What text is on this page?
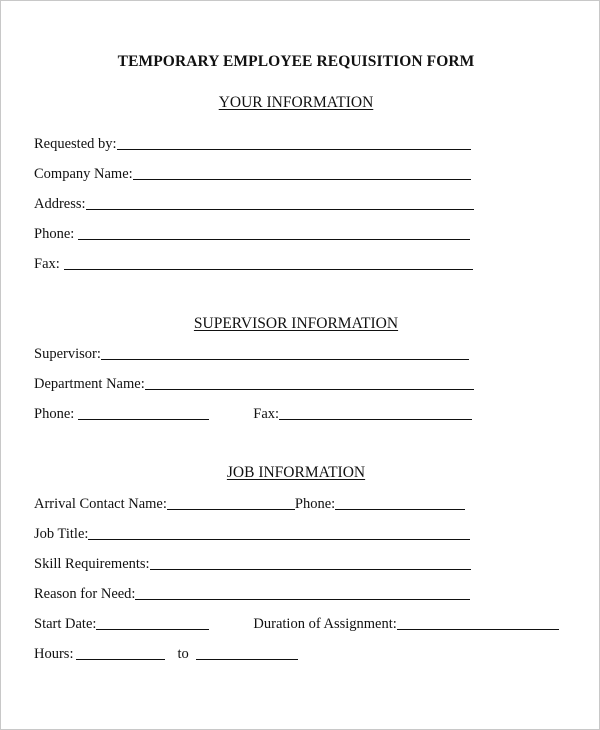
TEMPORARY EMPLOYEE REQUISITION FORM
YOUR INFORMATION
Requested by:
Company Name:
Address:
Phone:
Fax:
SUPERVISOR INFORMATION
Supervisor:
Department Name:
Phone:	Fax:
JOB INFORMATION
Arrival Contact Name:	Phone:
Job Title:
Skill Requirements:
Reason for Need:
Start Date:	Duration of Assignment:
Hours:	to
